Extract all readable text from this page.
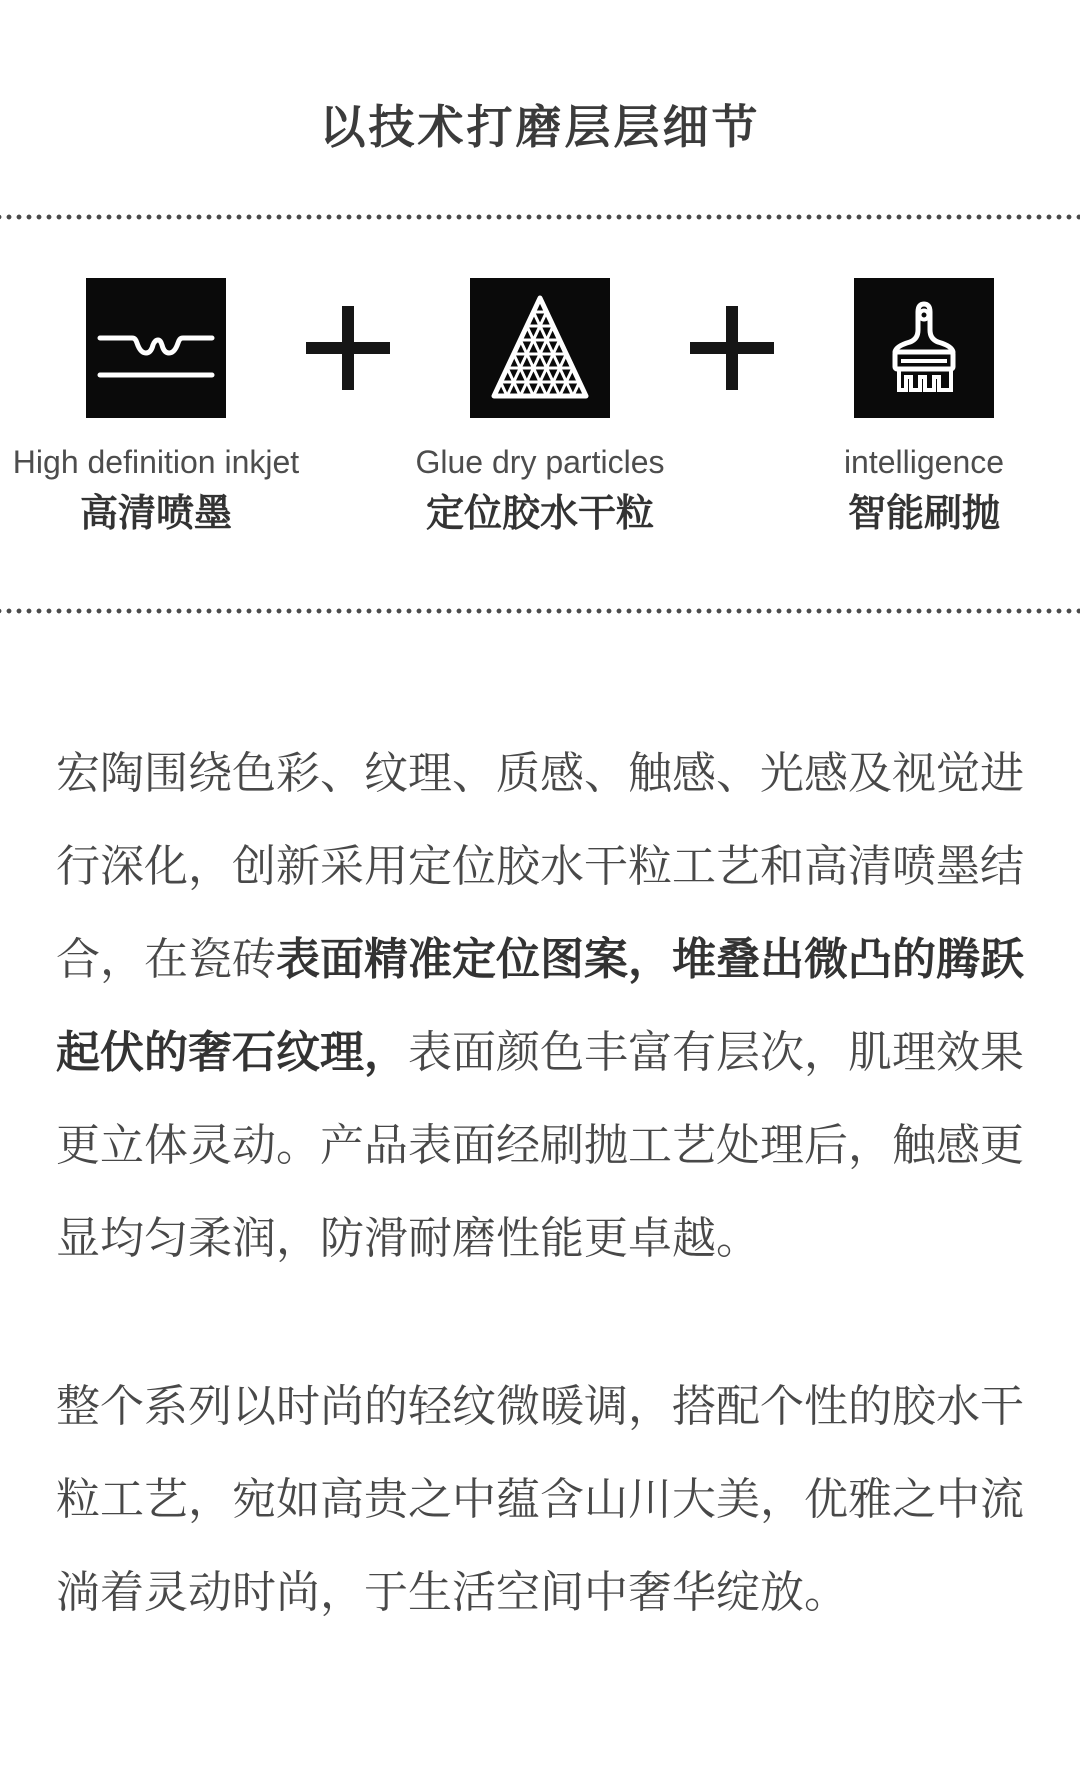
以技术打磨层层细节
High definition inkjet
高清喷墨
Glue dry particles
定位胶水干粒
intelligence
智能刷抛

宏陶围绕色彩、纹理、质感、触感、光感及视觉进行深化，创新采用定位胶水干粒工艺和高清喷墨结合，在瓷砖表面精准定位图案，堆叠出微凸的腾跃起伏的奢石纹理，表面颜色丰富有层次，肌理效果更立体灵动。产品表面经刷抛工艺处理后，触感更显均匀柔润，防滑耐磨性能更卓越。

整个系列以时尚的轻纹微暖调，搭配个性的胶水干粒工艺，宛如高贵之中蕴含山川大美，优雅之中流淌着灵动时尚，于生活空间中奢华绽放。
